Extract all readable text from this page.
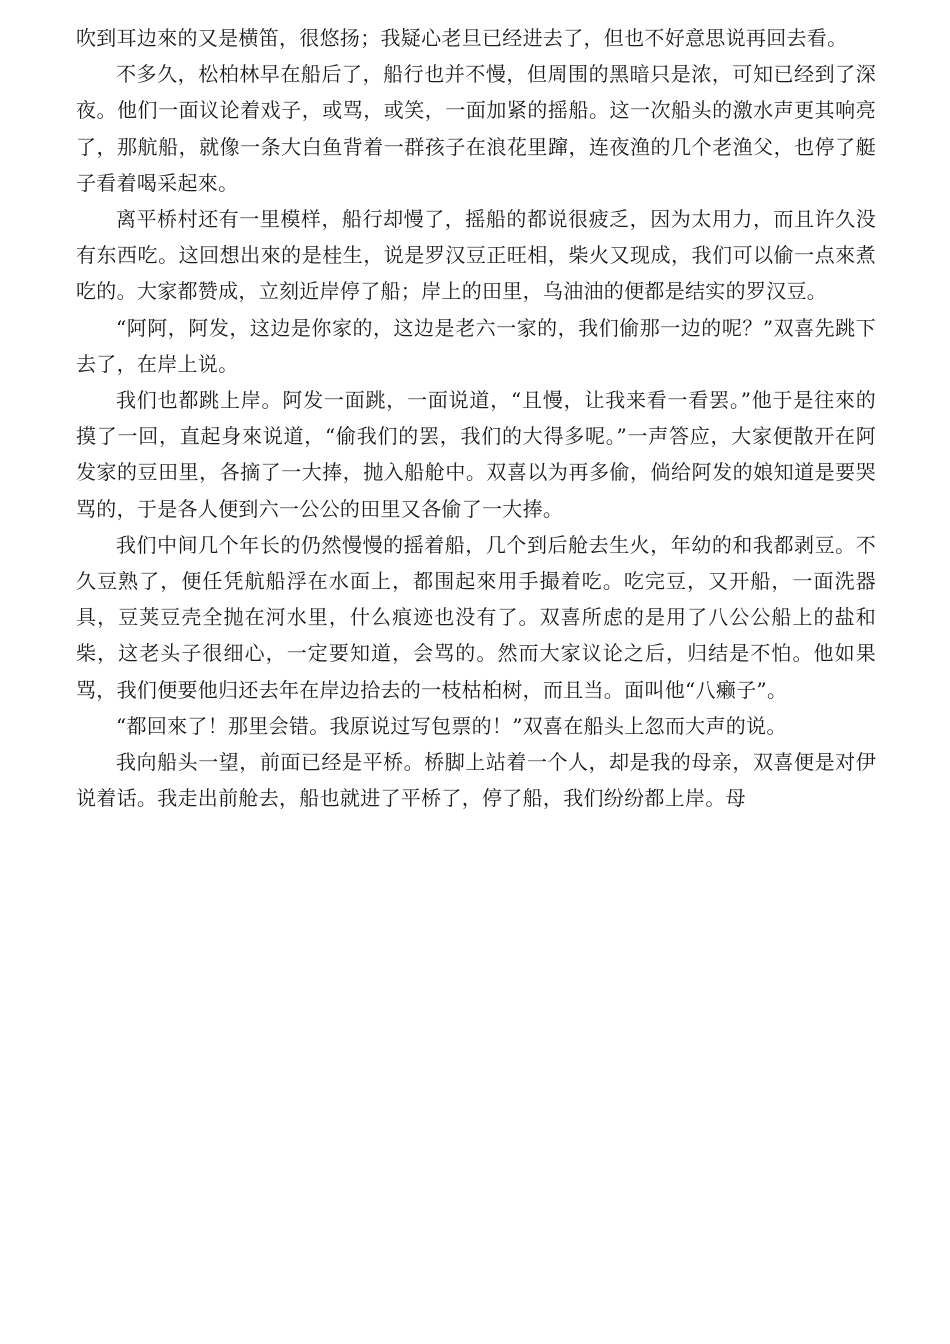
吹到耳边來的又是横笛，很悠扬；我疑心老旦已经进去了，但也不好意思说再回去看。

不多久，松柏林早在船后了，船行也并不慢，但周围的黑暗只是浓，可知已经到了深夜。他们一面议论着戏子，或骂，或笑，一面加紧的摇船。这一次船头的激水声更其响亮了，那航船，就像一条大白鱼背着一群孩子在浪花里蹿，连夜渔的几个老渔父，也停了艇子看着喝采起來。

离平桥村还有一里模样，船行却慢了，摇船的都说很疲乏，因为太用力，而且许久没有东西吃。这回想出來的是桂生，说是罗汉豆正旺相，柴火又现成，我们可以偷一点來煮吃的。大家都赞成，立刻近岸停了船；岸上的田里，乌油油的便都是结实的罗汉豆。

“阿阿，阿发，这边是你家的，这边是老六一家的，我们偷那一边的呢？”双喜先跳下去了，在岸上说。

我们也都跳上岸。阿发一面跳，一面说道，“且慢，让我来看一看罢。”他于是往來的摸了一回，直起身來说道，“偷我们的罢，我们的大得多呢。”一声答应，大家便散开在阿发家的豆田里，各摘了一大捧，抛入船舱中。双喜以为再多偷，倘给阿发的娘知道是要哭骂的，于是各人便到六一公公的田里又各偷了一大捧。

我们中间几个年长的仍然慢慢的摇着船，几个到后舱去生火，年幼的和我都剥豆。不久豆熟了，便任凭航船浮在水面上，都围起來用手撮着吃。吃完豆，又开船，一面洗器具，豆荚豆壳全抛在河水里，什么痕迹也没有了。双喜所虑的是用了八公公船上的盐和柴，这老头子很细心，一定要知道，会骂的。然而大家议论之后，归结是不怕。他如果骂，我们便要他归还去年在岸边拾去的一枝枯桕树，而且当。面叫他“八癞子”。

“都回來了！那里会错。我原说过写包票的！”双喜在船头上忽而大声的说。

我向船头一望，前面已经是平桥。桥脚上站着一个人，却是我的母亲，双喜便是对伊说着话。我走出前舱去，船也就进了平桥了，停了船，我们纷纷都上岸。母
